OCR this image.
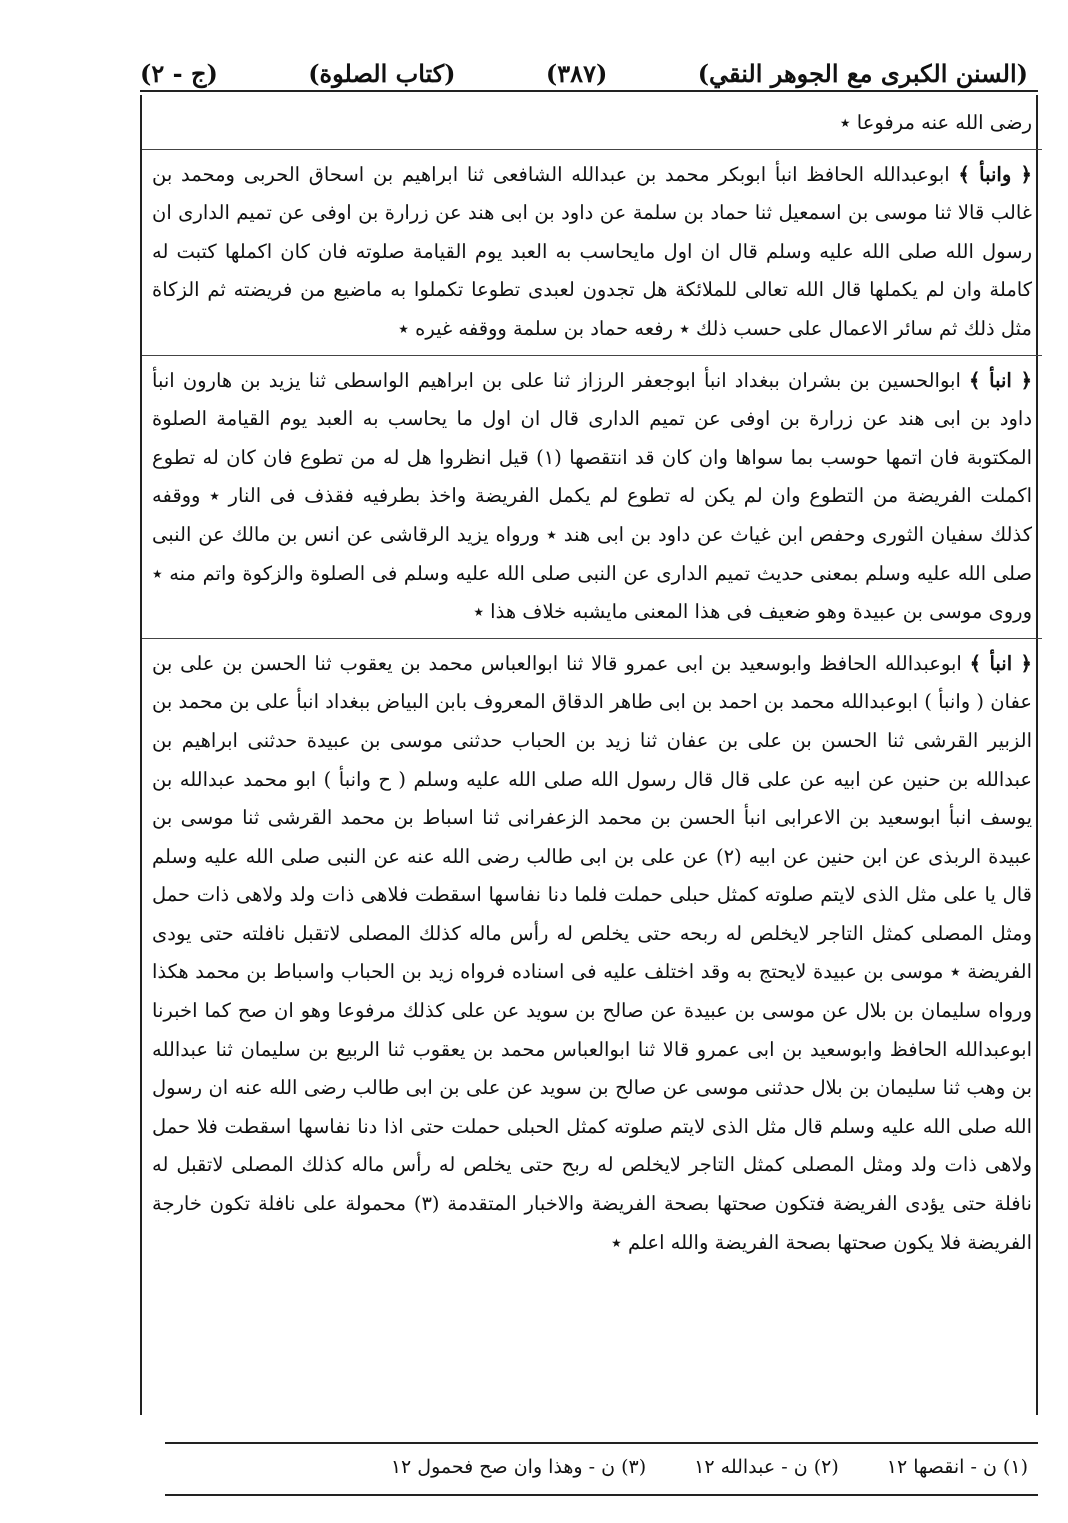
(السنن الكبرى مع الجوهر النقي)
(٣٨٧)
(كتاب الصلوة)
(ج - ٢)

رضى الله عنه مرفوعا ٭

﴿ وانبأ ﴾ ابوعبدالله الحافظ انبأ ابوبكر محمد بن عبدالله الشافعى ثنا ابراهيم بن اسحاق الحربى ومحمد بن غالب قالا ثنا موسى بن اسمعيل ثنا حماد بن سلمة عن داود بن ابى هند عن زرارة بن اوفى عن تميم الدارى ان رسول الله صلى الله عليه وسلم قال ان اول مايحاسب به العبد يوم القيامة صلوته فان كان اكملها كتبت له كاملة وان لم يكملها قال الله تعالى للملائكة هل تجدون لعبدى تطوعا تكملوا به ماضيع من فريضته ثم الزكاة مثل ذلك ثم سائر الاعمال على حسب ذلك ٭ رفعه حماد بن سلمة ووقفه غيره ٭

﴿ انبأ ﴾ ابوالحسين بن بشران ببغداد انبأ ابوجعفر الرزاز ثنا على بن ابراهيم الواسطى ثنا يزيد بن هارون انبأ داود بن ابى هند عن زرارة بن اوفى عن تميم الدارى قال ان اول ما يحاسب به العبد يوم القيامة الصلوة المكتوبة فان اتمها حوسب بما سواها وان كان قد انتقصها (١) قيل انظروا هل له من تطوع فان كان له تطوع اكملت الفريضة من التطوع وان لم يكن له تطوع لم يكمل الفريضة واخذ بطرفيه فقذف فى النار ٭ ووقفه كذلك سفيان الثورى وحفص ابن غياث عن داود بن ابى هند ٭ ورواه يزيد الرقاشى عن انس بن مالك عن النبى صلى الله عليه وسلم بمعنى حديث تميم الدارى عن النبى صلى الله عليه وسلم فى الصلوة والزكوة واتم منه ٭ وروى موسى بن عبيدة وهو ضعيف فى هذا المعنى مايشبه خلاف هذا ٭

﴿ انبأ ﴾ ابوعبدالله الحافظ وابوسعيد بن ابى عمرو قالا ثنا ابوالعباس محمد بن يعقوب ثنا الحسن بن على بن عفان ( وانبأ ) ابوعبدالله محمد بن احمد بن ابى طاهر الدقاق المعروف بابن البياض ببغداد انبأ على بن محمد بن الزبير القرشى ثنا الحسن بن على بن عفان ثنا زيد بن الحباب حدثنى موسى بن عبيدة حدثنى ابراهيم بن عبدالله بن حنين عن ابيه عن على قال قال رسول الله صلى الله عليه وسلم ( ح وانبأ ) ابو محمد عبدالله بن يوسف انبأ ابوسعيد بن الاعرابى انبأ الحسن بن محمد الزعفرانى ثنا اسباط بن محمد القرشى ثنا موسى بن عبيدة الربذى عن ابن حنين عن ابيه (٢) عن على بن ابى طالب رضى الله عنه عن النبى صلى الله عليه وسلم قال يا على مثل الذى لايتم صلوته كمثل حبلى حملت فلما دنا نفاسها اسقطت فلاهى ذات ولد ولاهى ذات حمل ومثل المصلى كمثل التاجر لايخلص له ربحه حتى يخلص له رأس ماله كذلك المصلى لاتقبل نافلته حتى يودى الفريضة ٭ موسى بن عبيدة لايحتج به وقد اختلف عليه فى اسناده فرواه زيد بن الحباب واسباط بن محمد هكذا ورواه سليمان بن بلال عن موسى بن عبيدة عن صالح بن سويد عن على كذلك مرفوعا وهو ان صح كما اخبرنا ابوعبدالله الحافظ وابوسعيد بن ابى عمرو قالا ثنا ابوالعباس محمد بن يعقوب ثنا الربيع بن سليمان ثنا عبدالله بن وهب ثنا سليمان بن بلال حدثنى موسى عن صالح بن سويد عن على بن ابى طالب رضى الله عنه ان رسول الله صلى الله عليه وسلم قال مثل الذى لايتم صلوته كمثل الحبلى حملت حتى اذا دنا نفاسها اسقطت فلا حمل ولاهى ذات ولد ومثل المصلى كمثل التاجر لايخلص له ربح حتى يخلص له رأس ماله كذلك المصلى لاتقبل له نافلة حتى يؤدى الفريضة فتكون صحتها بصحة الفريضة والاخبار المتقدمة (٣) محمولة على نافلة تكون خارجة الفريضة فلا يكون صحتها بصحة الفريضة والله اعلم ٭

(١) ن - انقصها ١٢
(٢) ن - عبدالله ١٢
(٣) ن - وهذا وان صح فحمول ١٢
